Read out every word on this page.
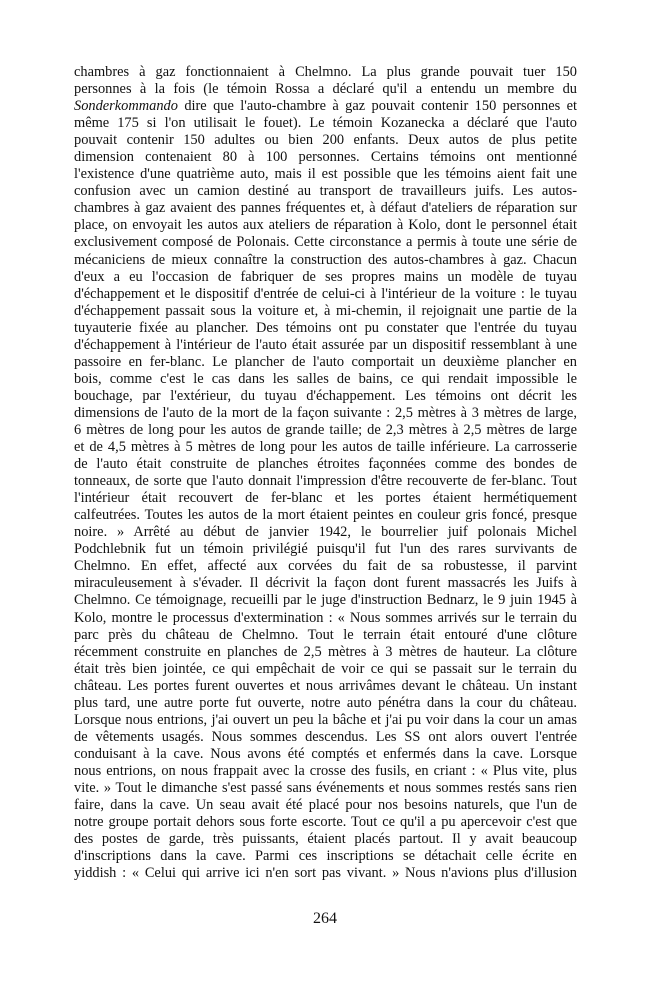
chambres à gaz fonctionnaient à Chelmno. La plus grande pouvait tuer 150
personnes à la fois (le témoin Rossa a déclaré qu'il a entendu un membre du
Sonderkommando dire que l'auto-chambre à gaz pouvait contenir 150 personnes et
même 175 si l'on utilisait le fouet). Le témoin Kozanecka a déclaré que l'auto
pouvait contenir 150 adultes ou bien 200 enfants. Deux autos de plus petite
dimension contenaient 80 à 100 personnes. Certains témoins ont mentionné
l'existence d'une quatrième auto, mais il est possible que les témoins aient fait une
confusion avec un camion destiné au transport de travailleurs juifs. Les autos-
chambres à gaz avaient des pannes fréquentes et, à défaut d'ateliers de réparation sur
place, on envoyait les autos aux ateliers de réparation à Kolo, dont le personnel était
exclusivement composé de Polonais. Cette circonstance a permis à toute une série de
mécaniciens de mieux connaître la construction des autos-chambres à gaz. Chacun
d'eux a eu l'occasion de fabriquer de ses propres mains un modèle de tuyau
d'échappement et le dispositif d'entrée de celui-ci à l'intérieur de la voiture : le tuyau
d'échappement passait sous la voiture et, à mi-chemin, il rejoignait une partie de la
tuyauterie fixée au plancher. Des témoins ont pu constater que l'entrée du tuyau
d'échappement à l'intérieur de l'auto était assurée par un dispositif ressemblant à une
passoire en fer-blanc. Le plancher de l'auto comportait un deuxième plancher en
bois, comme c'est le cas dans les salles de bains, ce qui rendait impossible le
bouchage, par l'extérieur, du tuyau d'échappement. Les témoins ont décrit les
dimensions de l'auto de la mort de la façon suivante : 2,5 mètres à 3 mètres de large,
6 mètres de long pour les autos de grande taille; de 2,3 mètres à 2,5 mètres de large
et de 4,5 mètres à 5 mètres de long pour les autos de taille inférieure. La carrosserie
de l'auto était construite de planches étroites façonnées comme des bondes de
tonneaux, de sorte que l'auto donnait l'impression d'être recouverte de fer-blanc. Tout
l'intérieur était recouvert de fer-blanc et les portes étaient hermétiquement
calfeutrées. Toutes les autos de la mort étaient peintes en couleur gris foncé, presque
noire. » Arrêté au début de janvier 1942, le bourrelier juif polonais Michel
Podchlebnik fut un témoin privilégié puisqu'il fut l'un des rares survivants de
Chelmno. En effet, affecté aux corvées du fait de sa robustesse, il parvint
miraculeusement à s'évader. Il décrivit la façon dont furent massacrés les Juifs à
Chelmno. Ce témoignage, recueilli par le juge d'instruction Bednarz, le 9 juin 1945 à
Kolo, montre le processus d'extermination : « Nous sommes arrivés sur le terrain du
parc près du château de Chelmno. Tout le terrain était entouré d'une clôture
récemment construite en planches de 2,5 mètres à 3 mètres de hauteur. La clôture
était très bien jointée, ce qui empêchait de voir ce qui se passait sur le terrain du
château. Les portes furent ouvertes et nous arrivâmes devant le château. Un instant
plus tard, une autre porte fut ouverte, notre auto pénétra dans la cour du château.
Lorsque nous entrions, j'ai ouvert un peu la bâche et j'ai pu voir dans la cour un amas
de vêtements usagés. Nous sommes descendus. Les SS ont alors ouvert l'entrée
conduisant à la cave. Nous avons été comptés et enfermés dans la cave. Lorsque
nous entrions, on nous frappait avec la crosse des fusils, en criant : « Plus vite, plus
vite. » Tout le dimanche s'est passé sans événements et nous sommes restés sans rien
faire, dans la cave. Un seau avait été placé pour nos besoins naturels, que l'un de
notre groupe portait dehors sous forte escorte. Tout ce qu'il a pu apercevoir c'est que
des postes de garde, très puissants, étaient placés partout. Il y avait beaucoup
d'inscriptions dans la cave. Parmi ces inscriptions se détachait celle écrite en
yiddish : « Celui qui arrive ici n'en sort pas vivant. » Nous n'avions plus d'illusion
264
